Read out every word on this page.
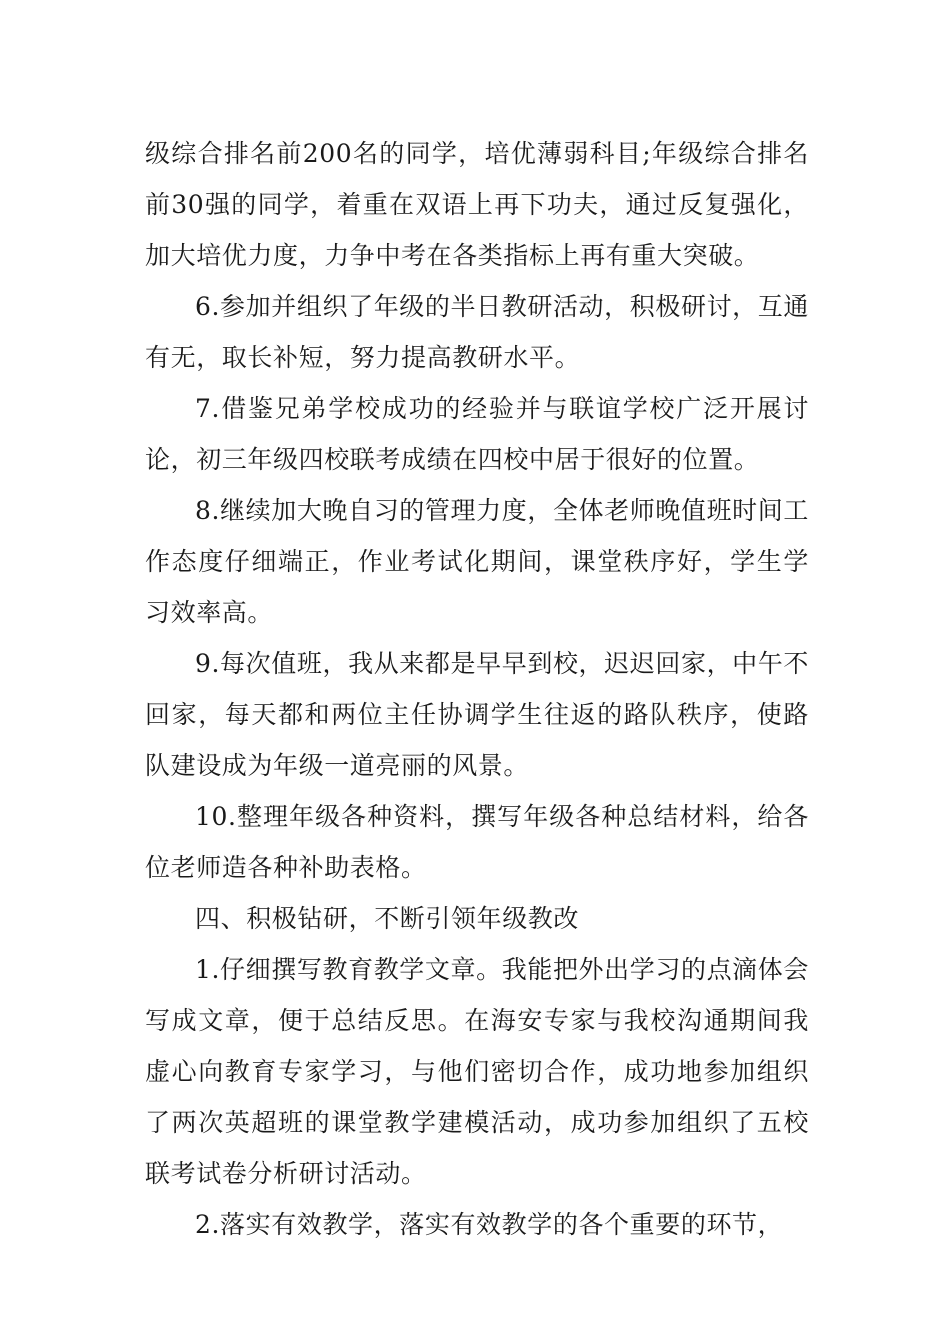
级综合排名前200名的同学，培优薄弱科目;年级综合排名前30强的同学，着重在双语上再下功夫，通过反复强化，加大培优力度，力争中考在各类指标上再有重大突破。

6.参加并组织了年级的半日教研活动，积极研讨，互通有无，取长补短，努力提高教研水平。

7.借鉴兄弟学校成功的经验并与联谊学校广泛开展讨论，初三年级四校联考成绩在四校中居于很好的位置。

8.继续加大晚自习的管理力度，全体老师晚值班时间工作态度仔细端正，作业考试化期间，课堂秩序好，学生学习效率高。

9.每次值班，我从来都是早早到校，迟迟回家，中午不回家，每天都和两位主任协调学生往返的路队秩序，使路队建设成为年级一道亮丽的风景。

10.整理年级各种资料，撰写年级各种总结材料，给各位老师造各种补助表格。

四、积极钻研，不断引领年级教改

1.仔细撰写教育教学文章。我能把外出学习的点滴体会写成文章，便于总结反思。在海安专家与我校沟通期间我虚心向教育专家学习，与他们密切合作，成功地参加组织了两次英超班的课堂教学建模活动，成功参加组织了五校联考试卷分析研讨活动。

2.落实有效教学，落实有效教学的各个重要的环节，
